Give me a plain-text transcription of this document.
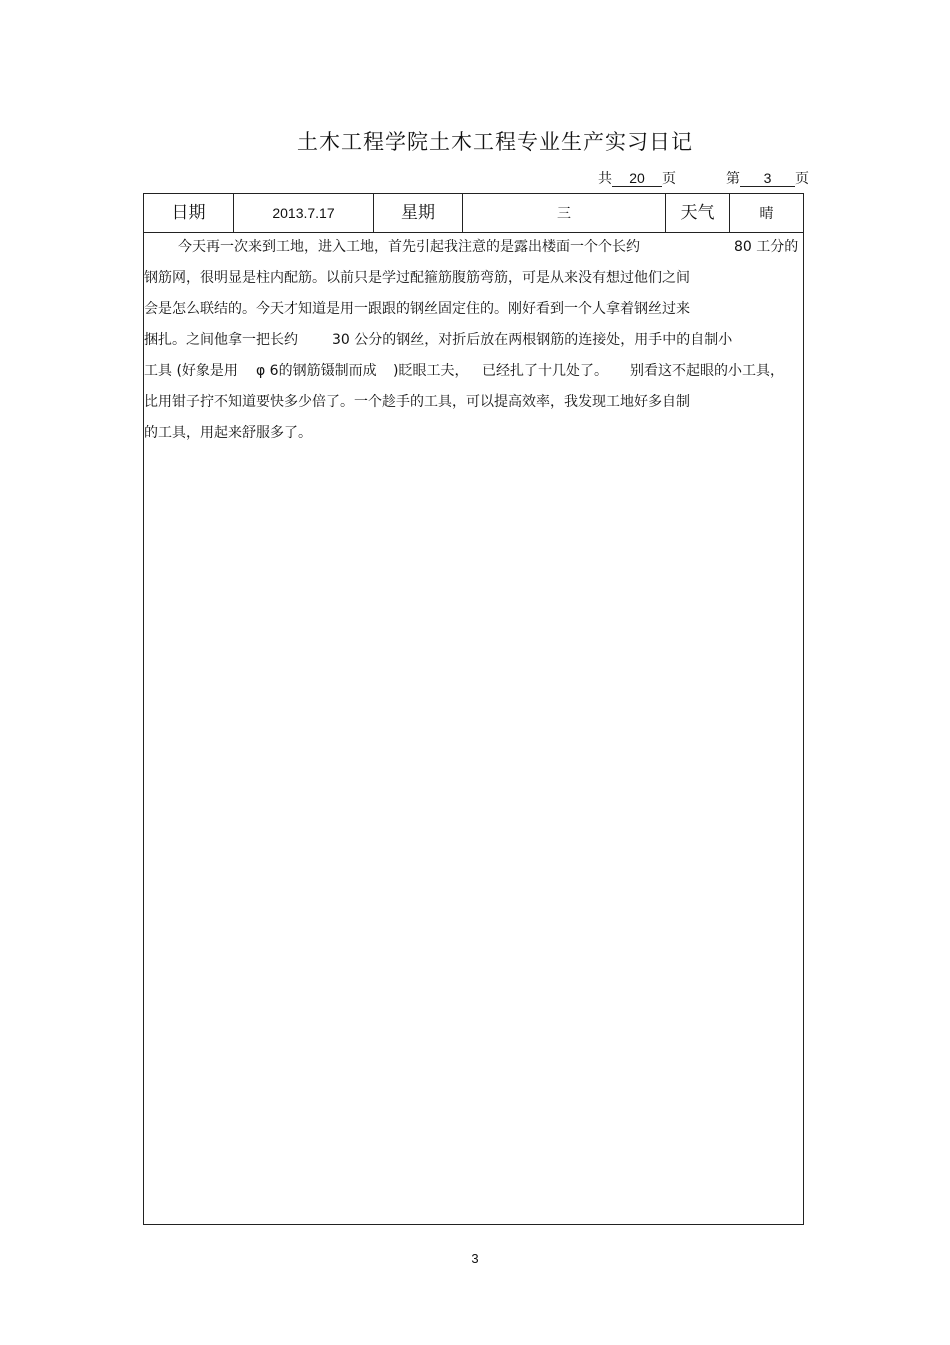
土木工程学院土木工程专业生产实习日记
共 20 页	第 3 页
日期	2013.7.17	星期	三	天气	晴
今天再一次来到工地，进入工地，首先引起我注意的是露出楼面一个个长约	80 工分的
钢筋网，很明显是柱内配筋。以前只是学过配箍筋腹筋弯筋，可是从来没有想过他们之间
会是怎么联结的。今天才知道是用一跟跟的钢丝固定住的。刚好看到一个人拿着钢丝过来
捆扎。之间他拿一把长约 30 公分的钢丝，对折后放在两根钢筋的连接处，用手中的自制小
工具 (好象是用 φ 6的钢筋镊制而成 )眨眼工夫， 已经扎了十几处了。 别看这不起眼的小工具，
比用钳子拧不知道要快多少倍了。一个趁手的工具，可以提高效率，我发现工地好多自制
的工具，用起来舒服多了。
3
